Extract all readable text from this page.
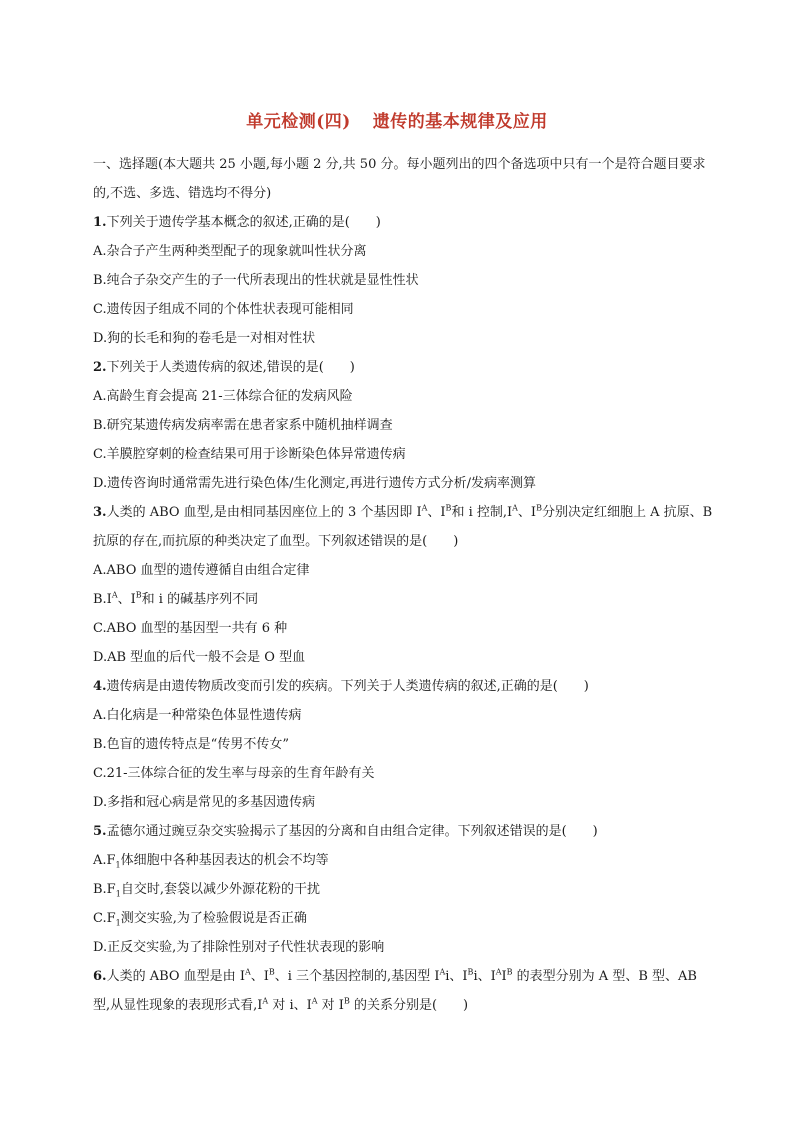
单元检测(四) 遗传的基本规律及应用

一、选择题(本大题共 25 小题,每小题 2 分,共 50 分。每小题列出的四个备选项中只有一个是符合题目要求的,不选、多选、错选均不得分)

1.下列关于遗传学基本概念的叙述,正确的是(　　)

A.杂合子产生两种类型配子的现象就叫性状分离

B.纯合子杂交产生的子一代所表现出的性状就是显性性状

C.遗传因子组成不同的个体性状表现可能相同

D.狗的长毛和狗的卷毛是一对相对性状

2.下列关于人类遗传病的叙述,错误的是(　　)

A.高龄生育会提高 21-三体综合征的发病风险

B.研究某遗传病发病率需在患者家系中随机抽样调查

C.羊膜腔穿刺的检查结果可用于诊断染色体异常遗传病

D.遗传咨询时通常需先进行染色体/生化测定,再进行遗传方式分析/发病率测算

3.人类的 ABO 血型,是由相同基因座位上的 3 个基因即 $I^A$、$I^B$和 i 控制$,I^A$、$I^B$分别决定红细胞上 A 抗原、B 抗原的存在,而抗原的种类决定了血型。下列叙述错误的是(　　)

A.ABO 血型的遗传遵循自由组合定律

$B.I^A$、$I^B$和 i 的碱基序列不同

C.ABO 血型的基因型一共有 6 种

D.AB 型血的后代一般不会是 O 型血

4.遗传病是由遗传物质改变而引发的疾病。下列关于人类遗传病的叙述,正确的是(　　)

A.白化病是一种常染色体显性遗传病

B.色盲的遗传特点是“传男不传女”

C.21-三体综合征的发生率与母亲的生育年龄有关

D.多指和冠心病是常见的多基因遗传病

5.孟德尔通过豌豆杂交实验揭示了基因的分离和自由组合定律。下列叙述错误的是(　　)

$A.F_1$体细胞中各种基因表达的机会不均等

$B.F_1$自交时,套袋以减少外源花粉的干扰

$C.F_1$测交实验,为了检验假说是否正确

D.正反交实验,为了排除性别对子代性状表现的影响

6.人类的 ABO 血型是由 $I^A$、$I^B$、i 三个基因控制的,基因型 $I^Ai$、$I^Bi$、$I^AI^B$ 的表型分别为 A 型、B 型、AB 型,从显性现象的表现形式看$,I^A$ 对 i、$I^A$ 对 $I^B$ 的关系分别是(　　)
